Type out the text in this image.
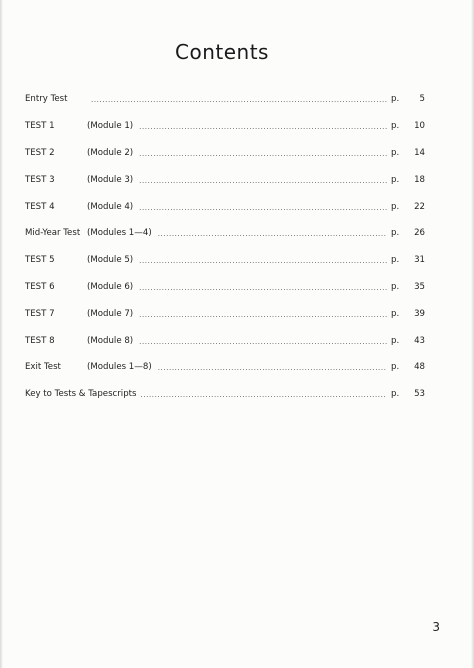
Contents
Entry Test .....	p.	5
TEST 1	(Module 1) .....	p.	10
TEST 2	(Module 2) .....	p.	14
TEST 3	(Module 3) .....	p.	18
TEST 4	(Module 4) .....	p.	22
Mid-Year Test (Modules 1—4) .....	p.	26
TEST 5	(Module 5) .....	p.	31
TEST 6	(Module 6) .....	p.	35
TEST 7	(Module 7) .....	p.	39
TEST 8	(Module 8) .....	p.	43
Exit Test	(Modules 1—8) .....	p.	48
Key to Tests & Tapescripts .....	p.	53
3
